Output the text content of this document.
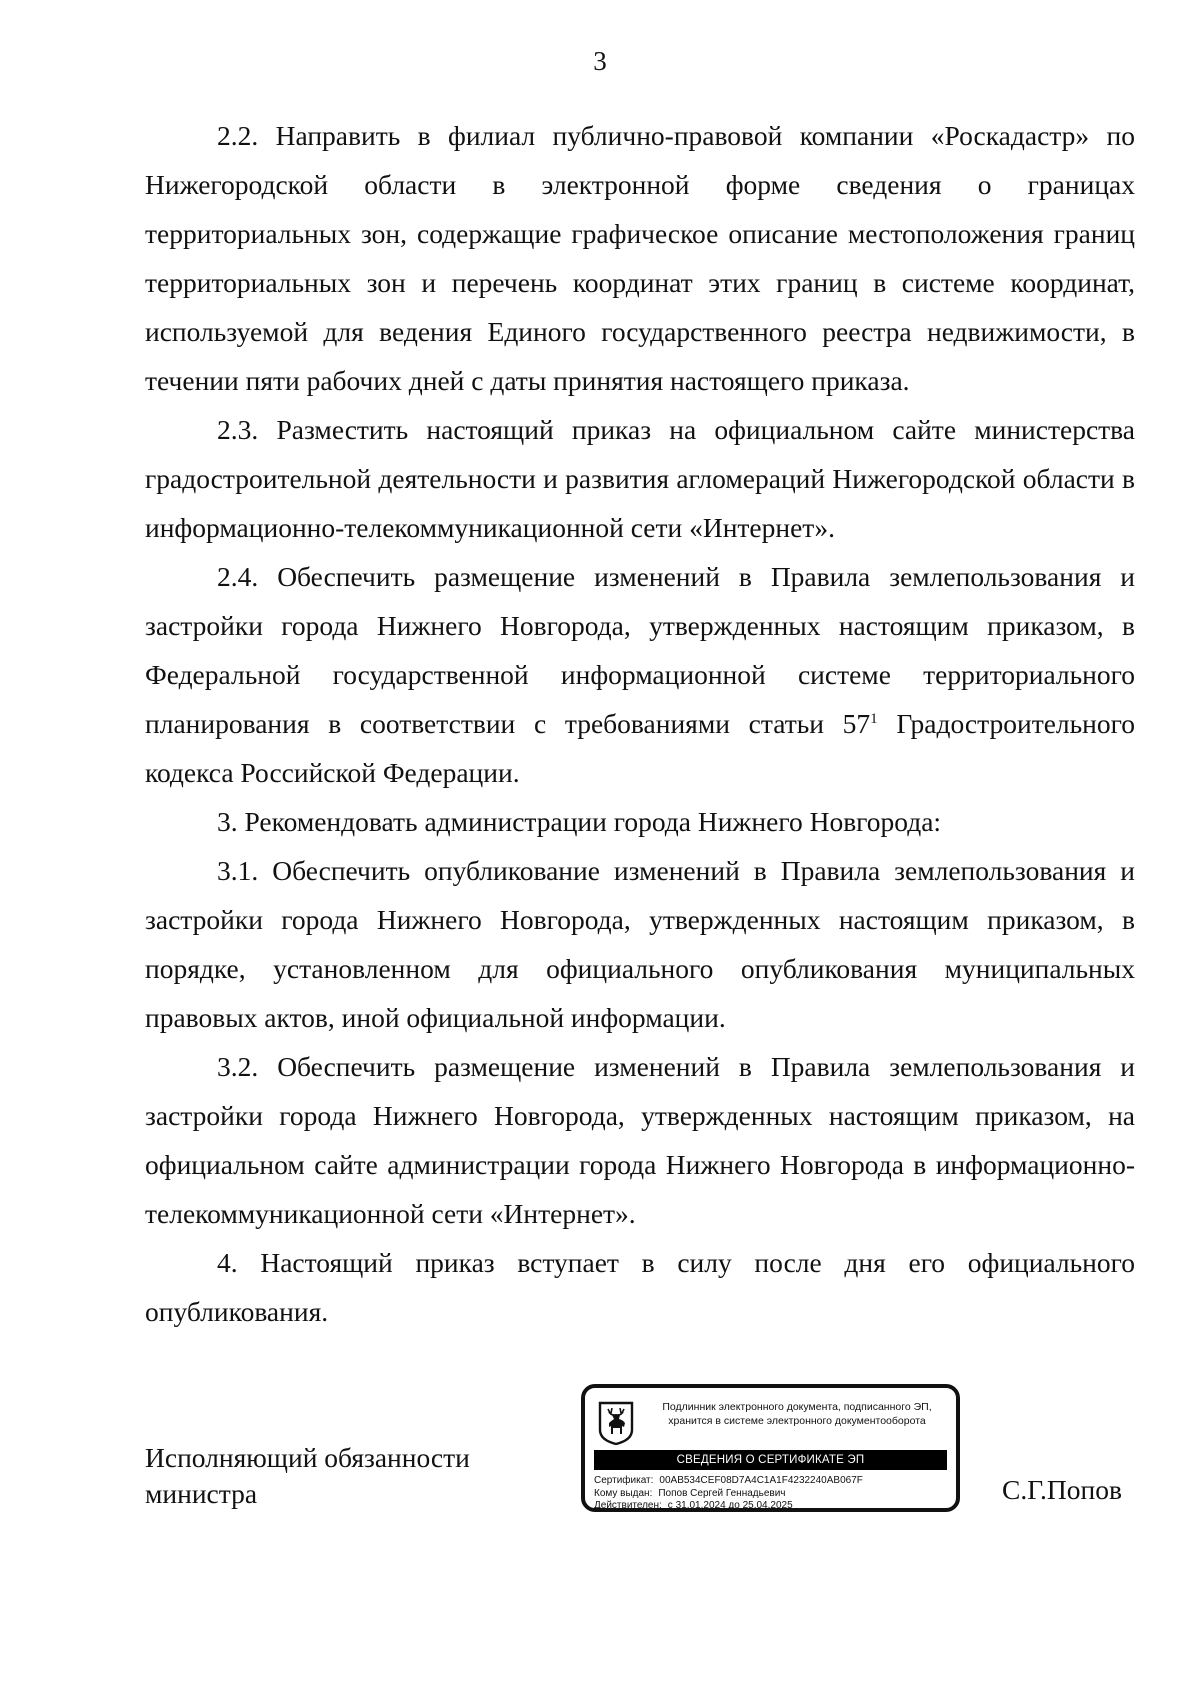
3

2.2. Направить в филиал публично-правовой компании «Роскадастр» по Нижегородской области в электронной форме сведения о границах территориальных зон, содержащие графическое описание местоположения границ территориальных зон и перечень координат этих границ в системе координат, используемой для ведения Единого государственного реестра недвижимости, в течении пяти рабочих дней с даты принятия настоящего приказа.

2.3. Разместить настоящий приказ на официальном сайте министерства градостроительной деятельности и развития агломераций Нижегородской области в информационно-телекоммуникационной сети «Интернет».

2.4. Обеспечить размещение изменений в Правила землепользования и застройки города Нижнего Новгорода, утвержденных настоящим приказом, в Федеральной государственной информационной системе территориального планирования в соответствии с требованиями статьи $57^1$ Градостроительного кодекса Российской Федерации.

3. Рекомендовать администрации города Нижнего Новгорода:

3.1. Обеспечить опубликование изменений в Правила землепользования и застройки города Нижнего Новгорода, утвержденных настоящим приказом, в порядке, установленном для официального опубликования муниципальных правовых актов, иной официальной информации.

3.2. Обеспечить размещение изменений в Правила землепользования и застройки города Нижнего Новгорода, утвержденных настоящим приказом, на официальном сайте администрации города Нижнего Новгорода в информационно-телекоммуникационной сети «Интернет».

4. Настоящий приказ вступает в силу после дня его официального опубликования.

Исполняющий обязанности
министра
Подлинник электронного документа, подписанного ЭП,
хранится в системе электронного документооборота
СВЕДЕНИЯ О СЕРТИФИКАТЕ ЭП
Сертификат: 00AB534CEF08D7A4C1A1F4232240AB067F
Кому выдан: Попов Сергей Геннадьевич
Действителен: с 31.01.2024 до 25.04.2025
С.Г.Попов
